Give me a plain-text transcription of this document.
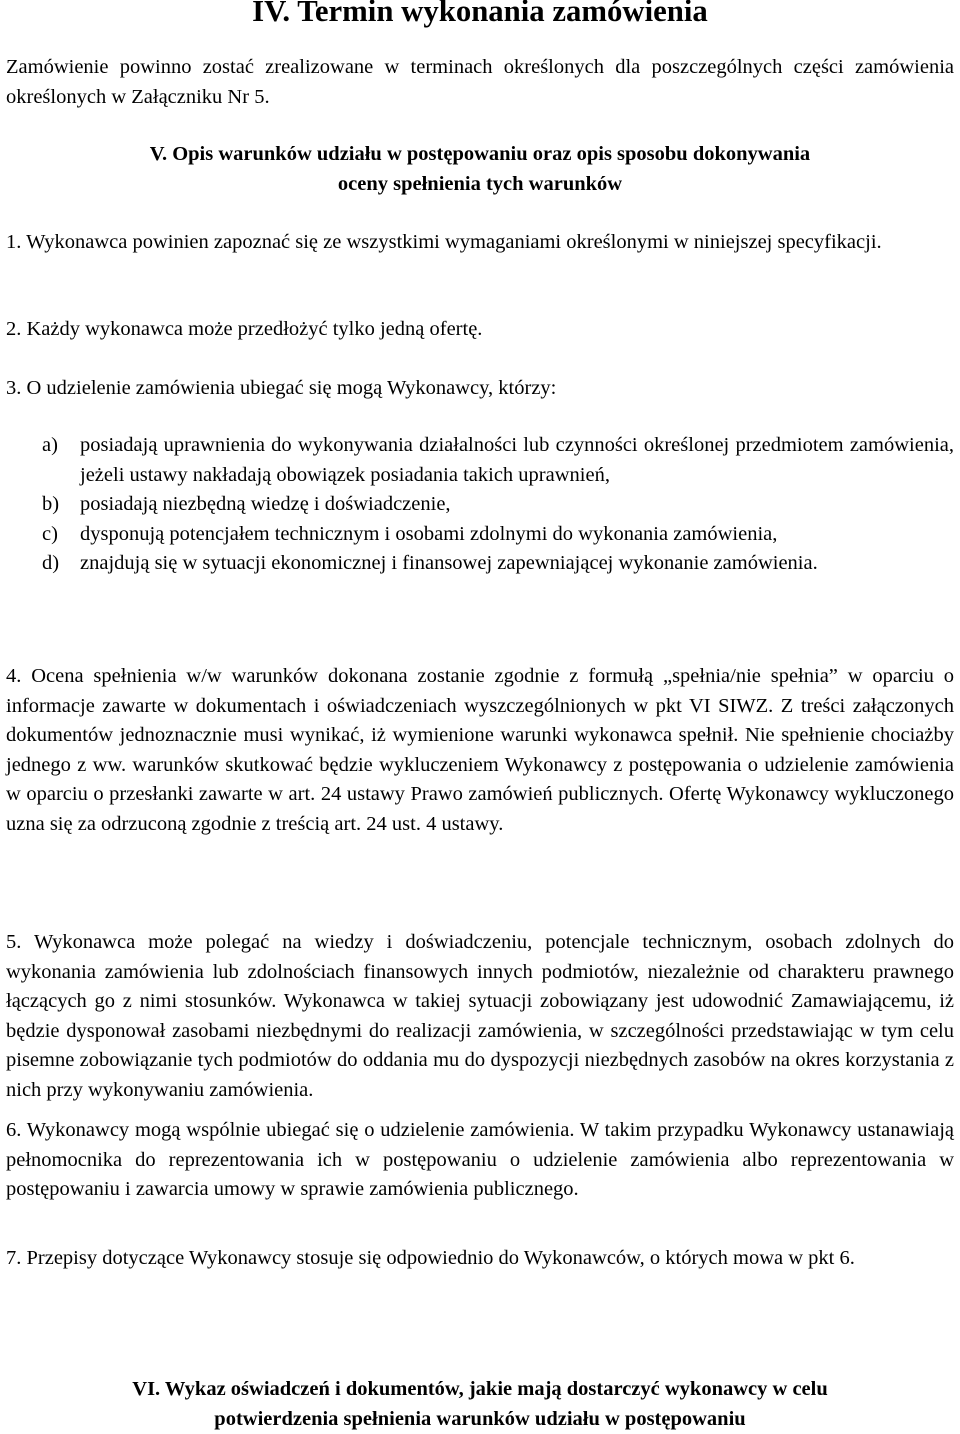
IV. Termin wykonania zamówienia

Zamówienie powinno zostać zrealizowane w terminach określonych dla poszczególnych części zamówienia określonych w Załączniku Nr 5.

V. Opis warunków udziału w postępowaniu oraz opis sposobu dokonywania
oceny spełnienia tych warunków

1. Wykonawca powinien zapoznać się ze wszystkimi wymaganiami określonymi w niniejszej specyfikacji.

2. Każdy wykonawca może przedłożyć tylko jedną ofertę.

3. O udzielenie zamówienia ubiegać się mogą Wykonawcy, którzy:

a)	posiadają uprawnienia do wykonywania działalności lub czynności określonej przedmiotem zamówienia, jeżeli ustawy nakładają obowiązek posiadania takich uprawnień,
b)	posiadają niezbędną wiedzę i doświadczenie,
c)	dysponują potencjałem technicznym i osobami zdolnymi do wykonania zamówienia,
d)	znajdują się w sytuacji ekonomicznej i finansowej zapewniającej wykonanie zamówienia.

4. Ocena spełnienia w/w warunków dokonana zostanie zgodnie z formułą „spełnia/nie spełnia” w oparciu o informacje zawarte w dokumentach i oświadczeniach wyszczególnionych w pkt VI SIWZ. Z treści załączonych dokumentów jednoznacznie musi wynikać, iż wymienione warunki wykonawca spełnił. Nie spełnienie chociażby jednego z ww. warunków skutkować będzie wykluczeniem Wykonawcy z postępowania o udzielenie zamówienia w oparciu o przesłanki zawarte w art. 24 ustawy Prawo zamówień publicznych. Ofertę Wykonawcy wykluczonego uzna się za odrzuconą zgodnie z treścią art. 24 ust. 4 ustawy.

5. Wykonawca może polegać na wiedzy i doświadczeniu, potencjale technicznym, osobach zdolnych do wykonania zamówienia lub zdolnościach finansowych innych podmiotów, niezależnie od charakteru prawnego łączących go z nimi stosunków. Wykonawca w takiej sytuacji zobowiązany jest udowodnić Zamawiającemu, iż będzie dysponował zasobami niezbędnymi do realizacji zamówienia, w szczególności przedstawiając w tym celu pisemne zobowiązanie tych podmiotów do oddania mu do dyspozycji niezbędnych zasobów na okres korzystania z nich przy wykonywaniu zamówienia.

6. Wykonawcy mogą wspólnie ubiegać się o udzielenie zamówienia. W takim przypadku Wykonawcy ustanawiają pełnomocnika do reprezentowania ich w postępowaniu o udzielenie zamówienia albo reprezentowania w postępowaniu i zawarcia umowy w sprawie zamówienia publicznego.

7. Przepisy dotyczące Wykonawcy stosuje się odpowiednio do Wykonawców, o których mowa w pkt 6.

VI. Wykaz oświadczeń i dokumentów, jakie mają dostarczyć wykonawcy w celu
potwierdzenia spełnienia warunków udziału w postępowaniu
